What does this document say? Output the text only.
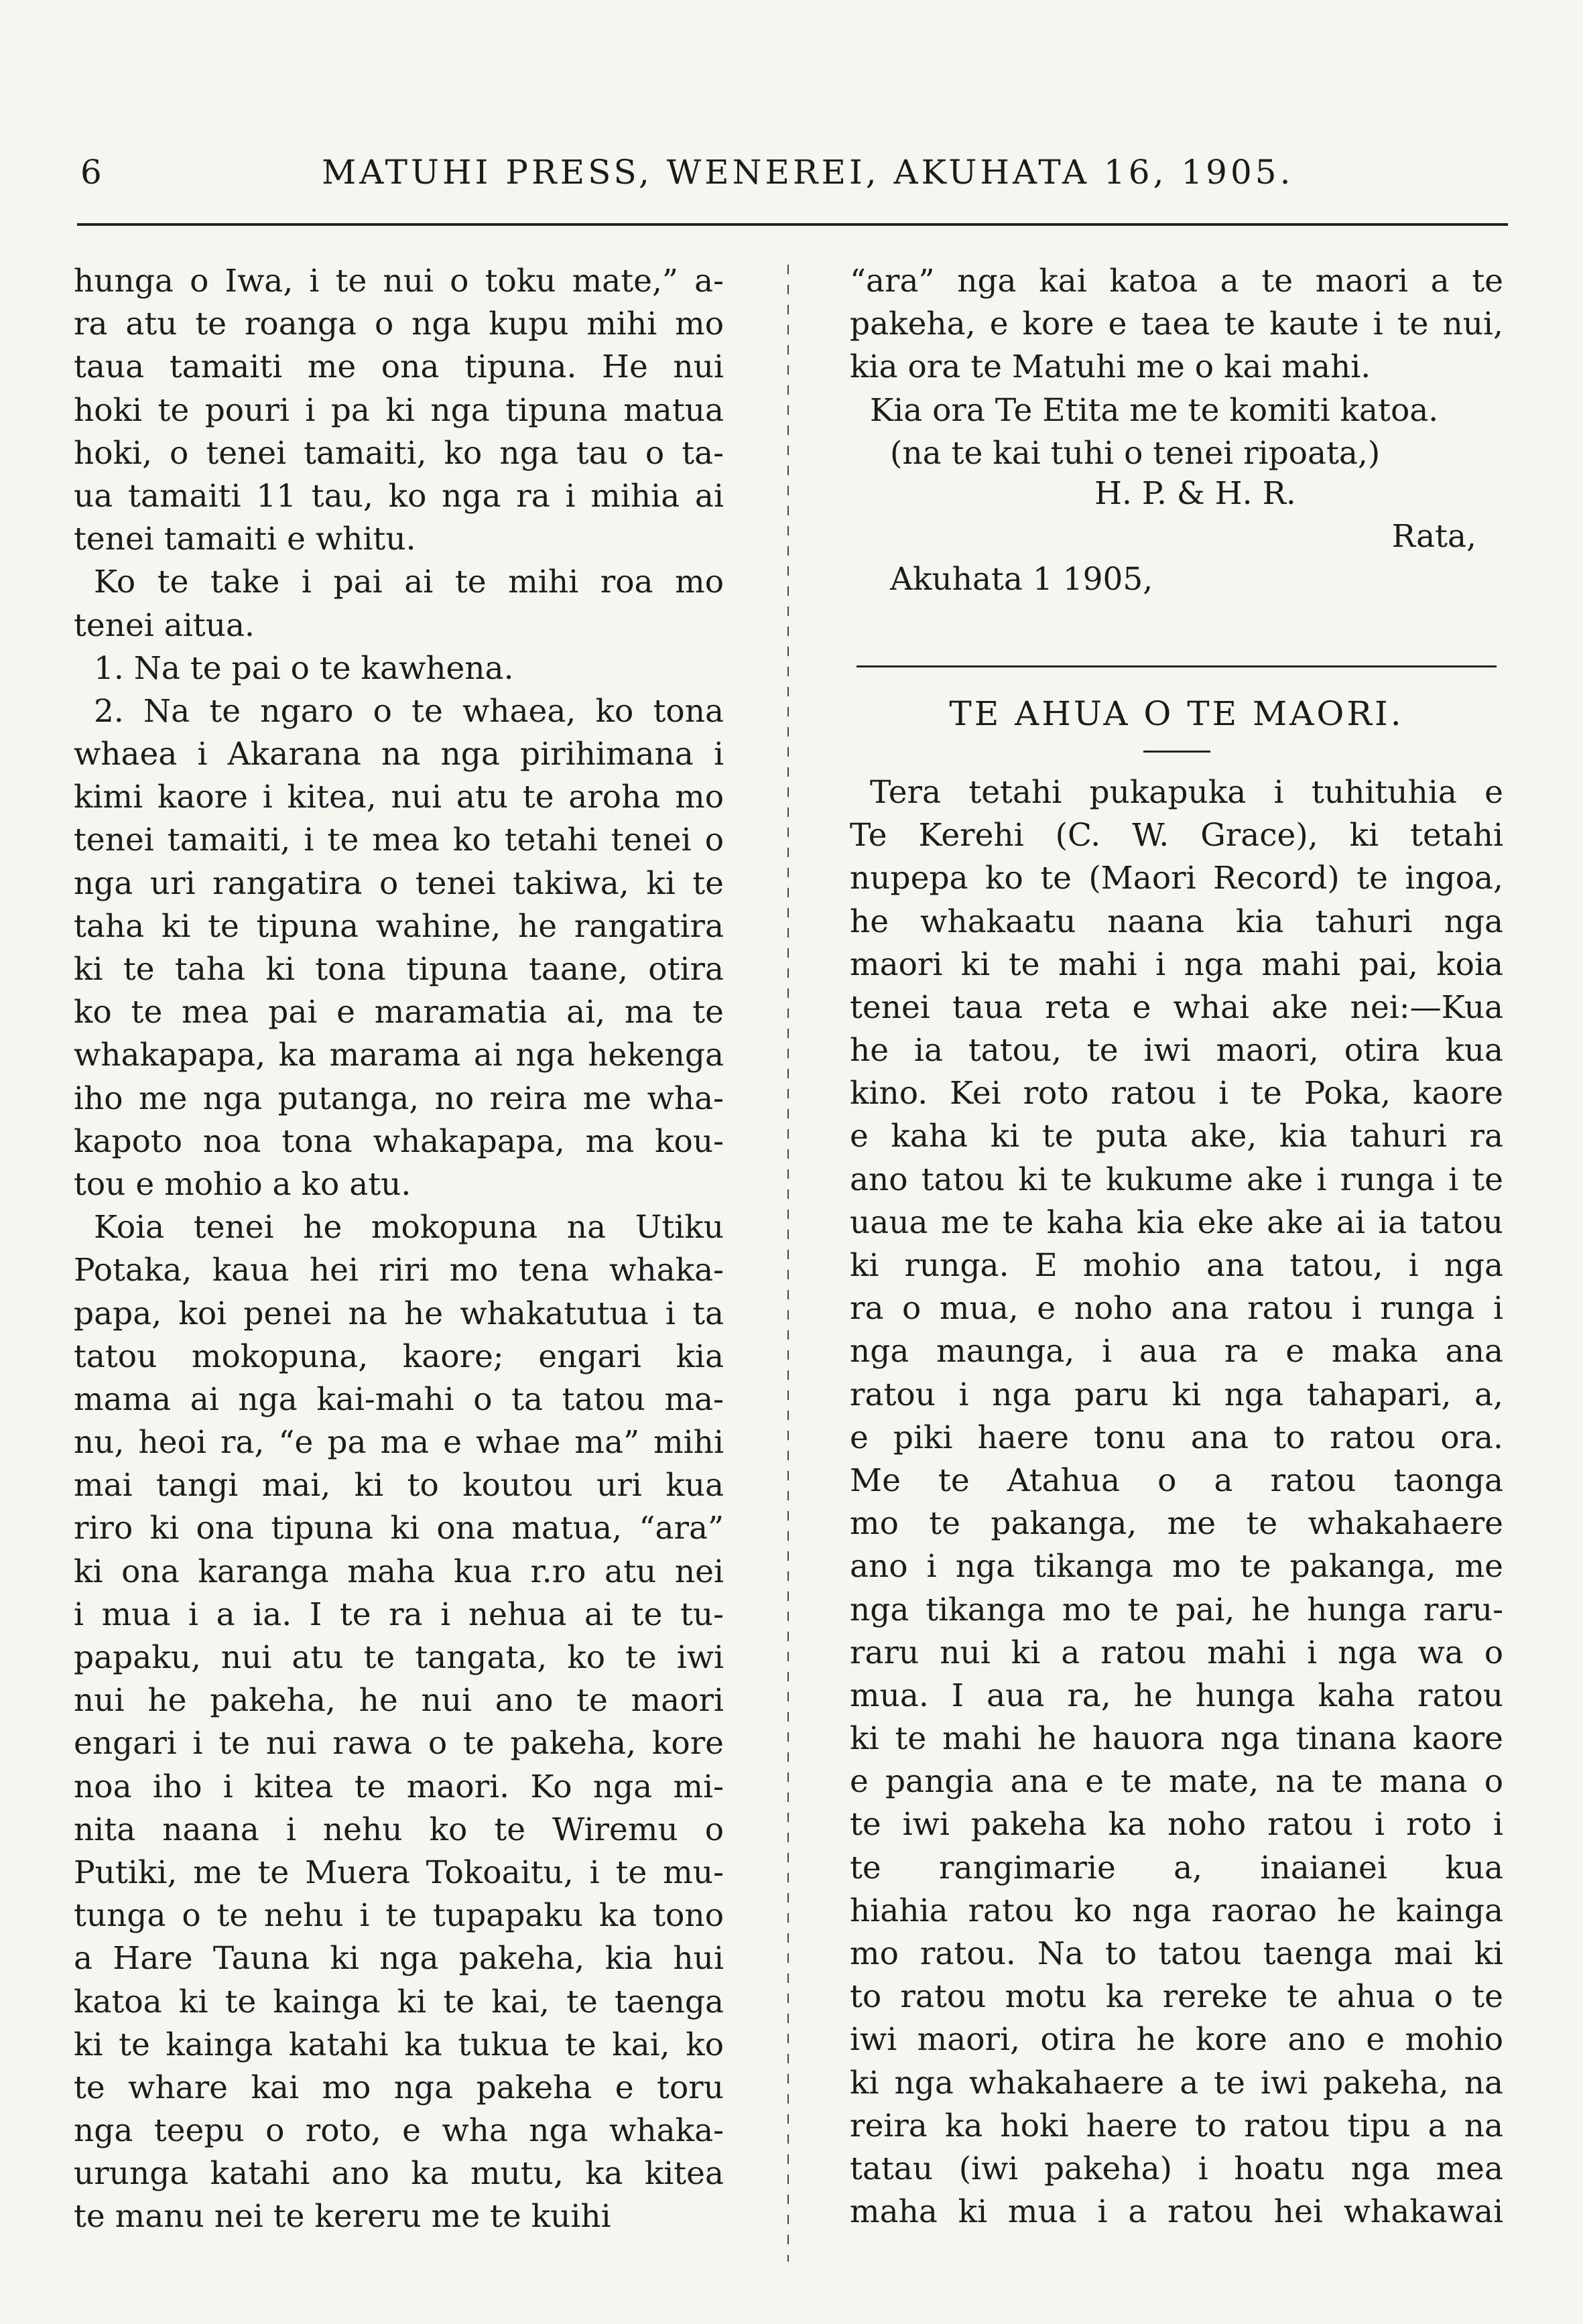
6	MATUHI PRESS, WENEREI, AKUHATA 16, 1905.
hunga o Iwa, i te nui o toku mate,” a-
ra atu te roanga o nga kupu mihi mo
taua tamaiti me ona tipuna. He nui
hoki te pouri i pa ki nga tipuna matua
hoki, o tenei tamaiti, ko nga tau o ta-
ua tamaiti 11 tau, ko nga ra i mihia ai
tenei tamaiti e whitu.
Ko te take i pai ai te mihi roa mo
tenei aitua.
1. Na te pai o te kawhena.
2. Na te ngaro o te whaea, ko tona
whaea i Akarana na nga pirihimana i
kimi kaore i kitea, nui atu te aroha mo
tenei tamaiti, i te mea ko tetahi tenei o
nga uri rangatira o tenei takiwa, ki te
taha ki te tipuna wahine, he rangatira
ki te taha ki tona tipuna taane, otira
ko te mea pai e maramatia ai, ma te
whakapapa, ka marama ai nga hekenga
iho me nga putanga, no reira me wha-
kapoto noa tona whakapapa, ma kou-
tou e mohio a ko atu.
Koia tenei he mokopuna na Utiku
Potaka, kaua hei riri mo tena whaka-
papa, koi penei na he whakatutua i ta
tatou mokopuna, kaore; engari kia
mama ai nga kai-mahi o ta tatou ma-
nu, heoi ra, “e pa ma e whae ma” mihi
mai tangi mai, ki to koutou uri kua
riro ki ona tipuna ki ona matua, “ara”
ki ona karanga maha kua r.ro atu nei
i mua i a ia. I te ra i nehua ai te tu-
papaku, nui atu te tangata, ko te iwi
nui he pakeha, he nui ano te maori
engari i te nui rawa o te pakeha, kore
noa iho i kitea te maori. Ko nga mi-
nita naana i nehu ko te Wiremu o
Putiki, me te Muera Tokoaitu, i te mu-
tunga o te nehu i te tupapaku ka tono
a Hare Tauna ki nga pakeha, kia hui
katoa ki te kainga ki te kai, te taenga
ki te kainga katahi ka tukua te kai, ko
te whare kai mo nga pakeha e toru
nga teepu o roto, e wha nga whaka-
urunga katahi ano ka mutu, ka kitea
te manu nei te kereru me te kuihi
“ara” nga kai katoa a te maori a te
pakeha, e kore e taea te kaute i te nui,
kia ora te Matuhi me o kai mahi.
Kia ora Te Etita me te komiti katoa.
(na te kai tuhi o tenei ripoata,)
H. P. & H. R.
Rata,
Akuhata 1 1905,
TE AHUA O TE MAORI.
Tera tetahi pukapuka i tuhituhia e
Te Kerehi (C. W. Grace), ki tetahi
nupepa ko te (Maori Record) te ingoa,
he whakaatu naana kia tahuri nga
maori ki te mahi i nga mahi pai, koia
tenei taua reta e whai ake nei:—Kua
he ia tatou, te iwi maori, otira kua
kino. Kei roto ratou i te Poka, kaore
e kaha ki te puta ake, kia tahuri ra
ano tatou ki te kukume ake i runga i te
uaua me te kaha kia eke ake ai ia tatou
ki runga. E mohio ana tatou, i nga
ra o mua, e noho ana ratou i runga i
nga maunga, i aua ra e maka ana
ratou i nga paru ki nga tahapari, a,
e piki haere tonu ana to ratou ora.
Me te Atahua o a ratou taonga
mo te pakanga, me te whakahaere
ano i nga tikanga mo te pakanga, me
nga tikanga mo te pai, he hunga raru-
raru nui ki a ratou mahi i nga wa o
mua. I aua ra, he hunga kaha ratou
ki te mahi he hauora nga tinana kaore
e pangia ana e te mate, na te mana o
te iwi pakeha ka noho ratou i roto i
te rangimarie a, inaianei kua
hiahia ratou ko nga raorao he kainga
mo ratou. Na to tatou taenga mai ki
to ratou motu ka rereke te ahua o te
iwi maori, otira he kore ano e mohio
ki nga whakahaere a te iwi pakeha, na
reira ka hoki haere to ratou tipu a na
tatau (iwi pakeha) i hoatu nga mea
maha ki mua i a ratou hei whakawai
